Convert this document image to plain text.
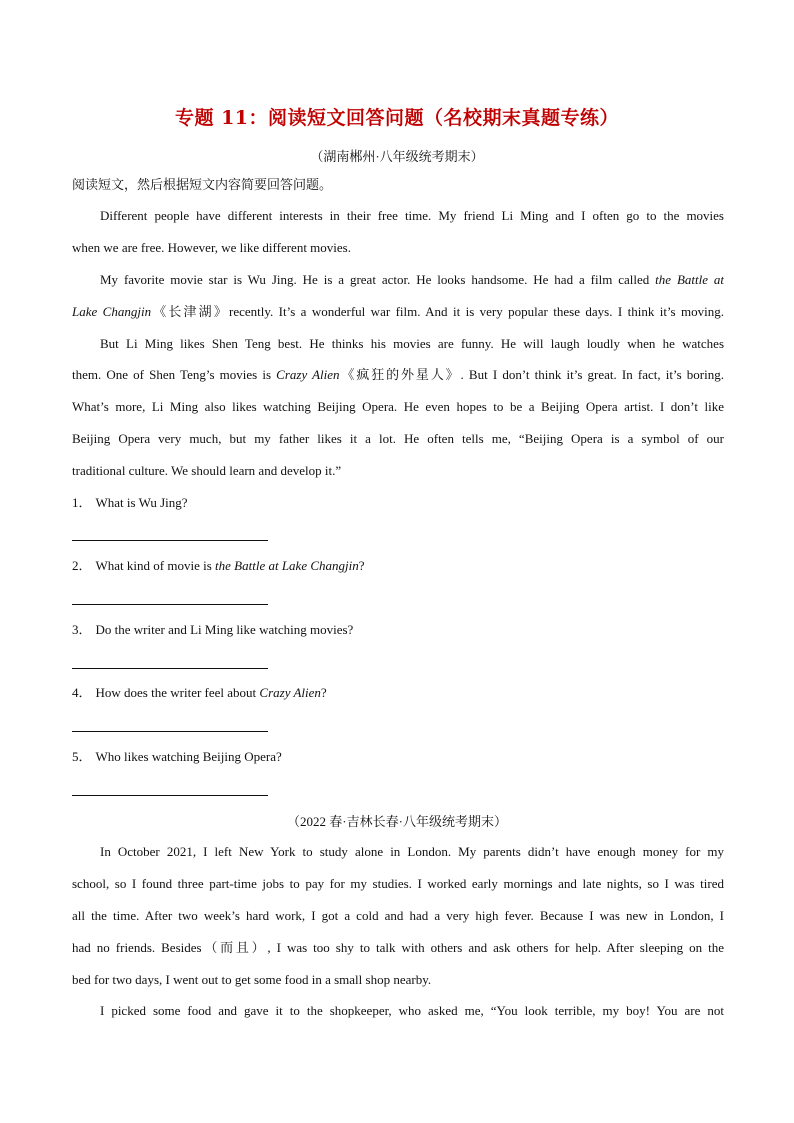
专题 11：阅读短文回答问题（名校期末真题专练）
（湖南郴州·八年级统考期末）
阅读短文，然后根据短文内容简要回答问题。
Different people have different interests in their free time. My friend Li Ming and I often go to the movies
when we are free. However, we like different movies.
My favorite movie star is Wu Jing. He is a great actor. He looks handsome. He had a film called the Battle at
Lake Changjin《长津湖》recently. It’s a wonderful war film. And it is very popular these days. I think it’s moving.
But Li Ming likes Shen Teng best. He thinks his movies are funny. He will laugh loudly when he watches
them. One of Shen Teng’s movies is Crazy Alien《疯狂的外星人》. But I don’t think it’s great. In fact, it’s boring.
What’s more, Li Ming also likes watching Beijing Opera. He even hopes to be a Beijing Opera artist. I don’t like
Beijing Opera very much, but my father likes it a lot. He often tells me, “Beijing Opera is a symbol of our
traditional culture. We should learn and develop it.”
1． What is Wu Jing?
2． What kind of movie is the Battle at Lake Changjin?
3． Do the writer and Li Ming like watching movies?
4． How does the writer feel about Crazy Alien?
5． Who likes watching Beijing Opera?
（2022 春·吉林长春·八年级统考期末）
In October 2021, I left New York to study alone in London. My parents didn’t have enough money for my
school, so I found three part-time jobs to pay for my studies. I worked early mornings and late nights, so I was tired
all the time. After two week’s hard work, I got a cold and had a very high fever. Because I was new in London, I
had no friends. Besides（而且）, I was too shy to talk with others and ask others for help. After sleeping on the
bed for two days, I went out to get some food in a small shop nearby.
I picked some food and gave it to the shopkeeper, who asked me, “You look terrible, my boy! You are not
